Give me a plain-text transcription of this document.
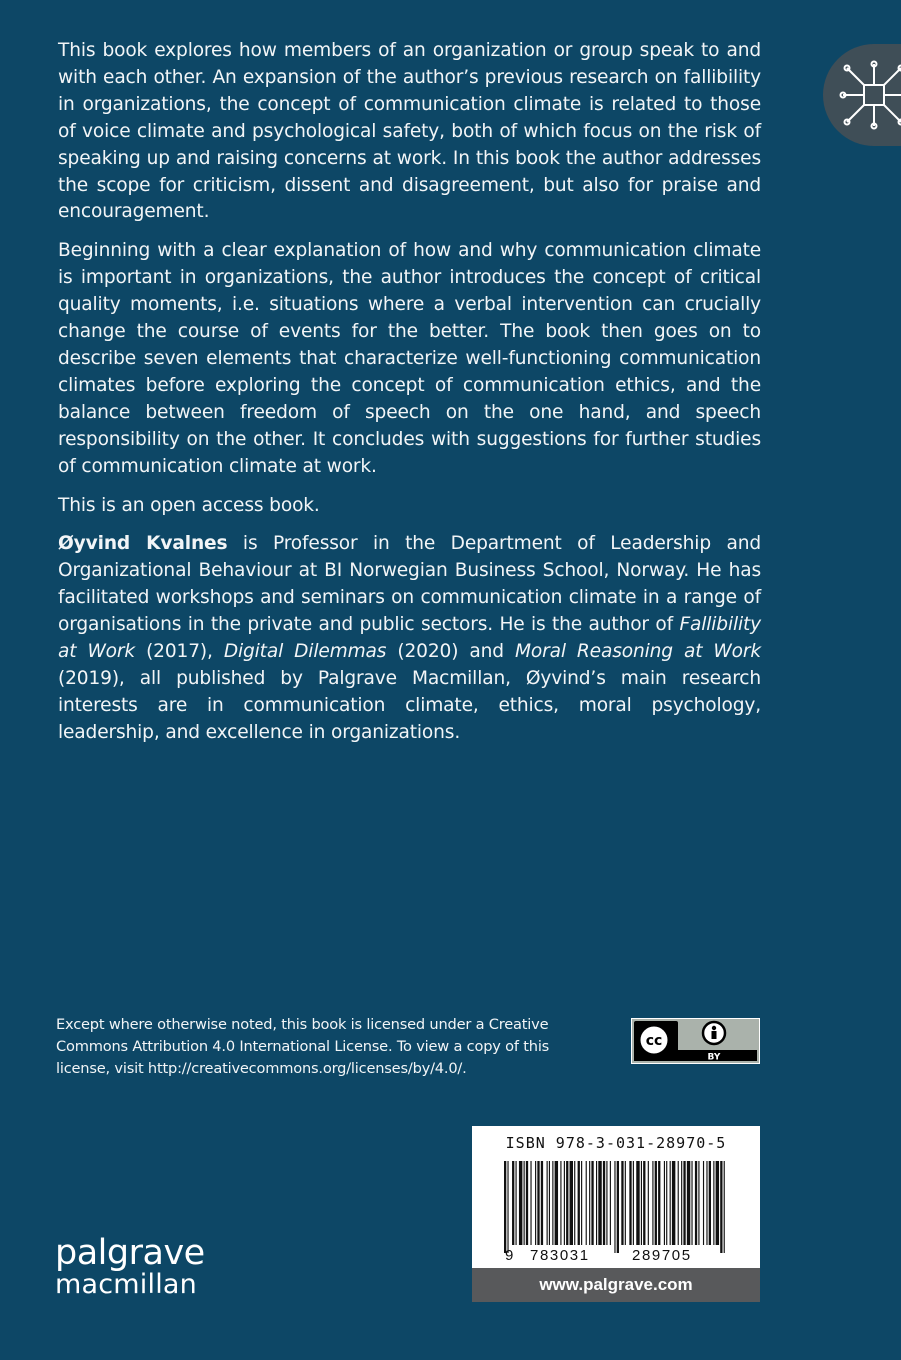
This book explores how members of an organization or group speak to and with each other. An expansion of the author’s previous research on fallibility in organizations, the concept of communication climate is related to those of voice climate and psychological safety, both of which focus on the risk of speaking up and raising concerns at work. In this book the author addresses the scope for criticism, dissent and disagreement, but also for praise and encouragement.

Beginning with a clear explanation of how and why communication climate is important in organizations, the author introduces the concept of critical quality moments, i.e. situations where a verbal intervention can crucially change the course of events for the better. The book then goes on to describe seven elements that characterize well-functioning communication climates before exploring the concept of communication ethics, and the balance between freedom of speech on the one hand, and speech responsibility on the other. It concludes with suggestions for further studies of communication climate at work.

This is an open access book.

Øyvind Kvalnes is Professor in the Department of Leadership and Organizational Behaviour at BI Norwegian Business School, Norway. He has facilitated workshops and seminars on communication climate in a range of organisations in the private and public sectors. He is the author of Fallibility at Work (2017), Digital Dilemmas (2020) and Moral Reasoning at Work (2019), all published by Palgrave Macmillan, Øyvind’s main research interests are in communication climate, ethics, moral psychology, leadership, and excellence in organizations.

Except where otherwise noted, this book is licensed under a Creative
Commons Attribution 4.0 International License. To view a copy of this
license, visit http://creativecommons.org/licenses/by/4.0/.
cc
BY
ISBN 978-3-031-28970-5
9 783031	289705
www.palgrave.com
palgrave
macmillan
